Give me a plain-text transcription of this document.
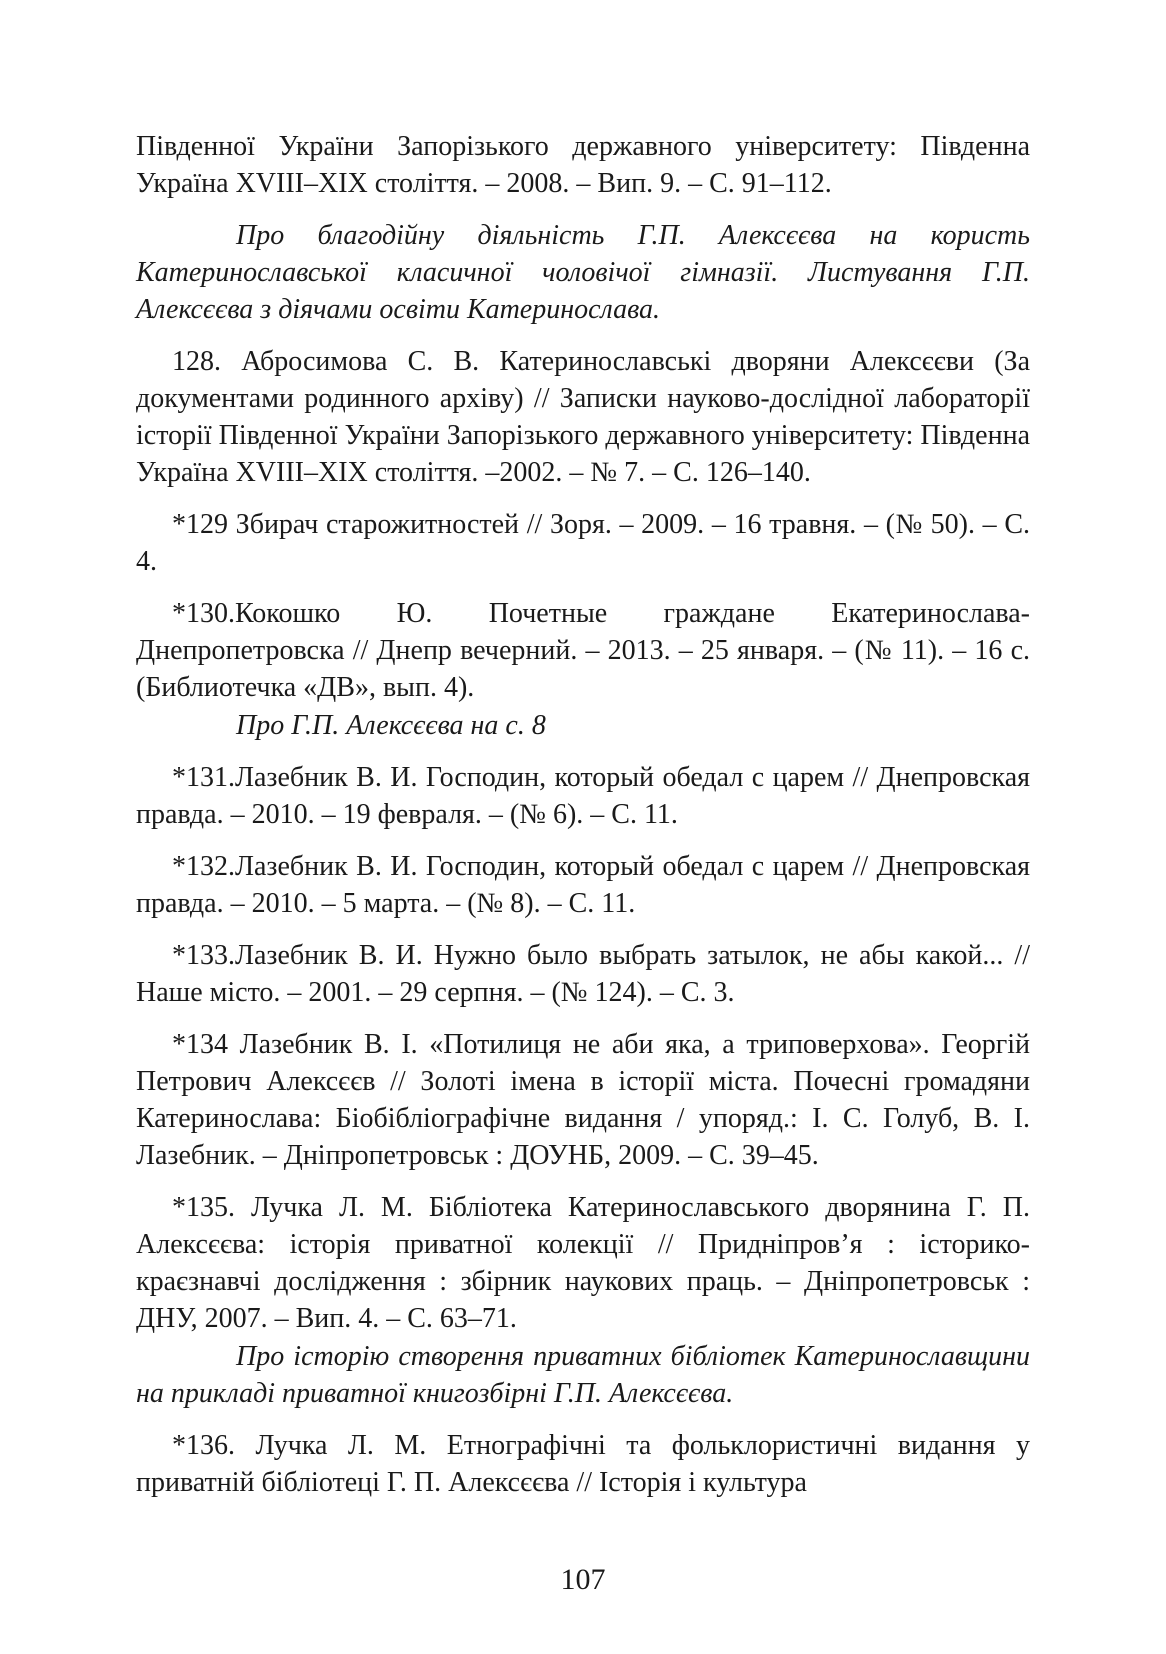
Південної України Запорізького державного університету: Південна Україна XVIII–XIX століття. – 2008. – Вип. 9. – С. 91–112.

Про благодійну діяльність Г.П. Алексєєва на користь Катеринославської класичної чоловічої гімназії. Листування Г.П. Алексєєва з діячами освіти Катеринослава.

128. Абросимова С. В. Катеринославські дворяни Алексєєви (За документами родинного архіву) // Записки науково-дослідної лабораторії історії Південної України Запорізького державного університету: Південна Україна XVIII–XIX століття. –2002. – № 7. – С. 126–140.

*129 Збирач старожитностей // Зоря. – 2009. – 16 травня. – (№ 50). – С. 4.

*130.Кокошко Ю. Почетные граждане Екатеринослава-Днепропетровска // Днепр вечерний. – 2013. – 25 января. – (№ 11). – 16 с. (Библиотечка «ДВ», вып. 4).

Про Г.П. Алексєєва на с. 8

*131.Лазебник В. И. Господин, который обедал с царем // Днепровская правда. – 2010. – 19 февраля. – (№ 6). – С. 11.

*132.Лазебник В. И. Господин, который обедал с царем // Днепровская правда. – 2010. – 5 марта. – (№ 8). – С. 11.

*133.Лазебник В. И. Нужно было выбрать затылок, не абы какой... // Наше місто. – 2001. – 29 серпня. – (№ 124). – С. 3.

*134 Лазебник В. І. «Потилиця не аби яка, а триповерхова». Георгій Петрович Алексєєв // Золоті імена в історії міста. Почесні громадяни Катеринослава: Біобібліографічне видання / упоряд.: І. С. Голуб, В. І. Лазебник. – Дніпропетровськ : ДОУНБ, 2009. – С. 39–45.

*135. Лучка Л. М. Бібліотека Катеринославського дворянина Г. П. Алексєєва: історія приватної колекції // Придніпров’я : історико-краєзнавчі дослідження : збірник наукових праць. – Дніпропетровськ : ДНУ, 2007. – Вип. 4. – С. 63–71.

Про історію створення приватних бібліотек Катеринославщини на прикладі приватної книгозбірні Г.П. Алексєєва.

*136. Лучка Л. М. Етнографічні та фольклористичні видання у приватній бібліотеці Г. П. Алексєєва // Історія і культура

107
